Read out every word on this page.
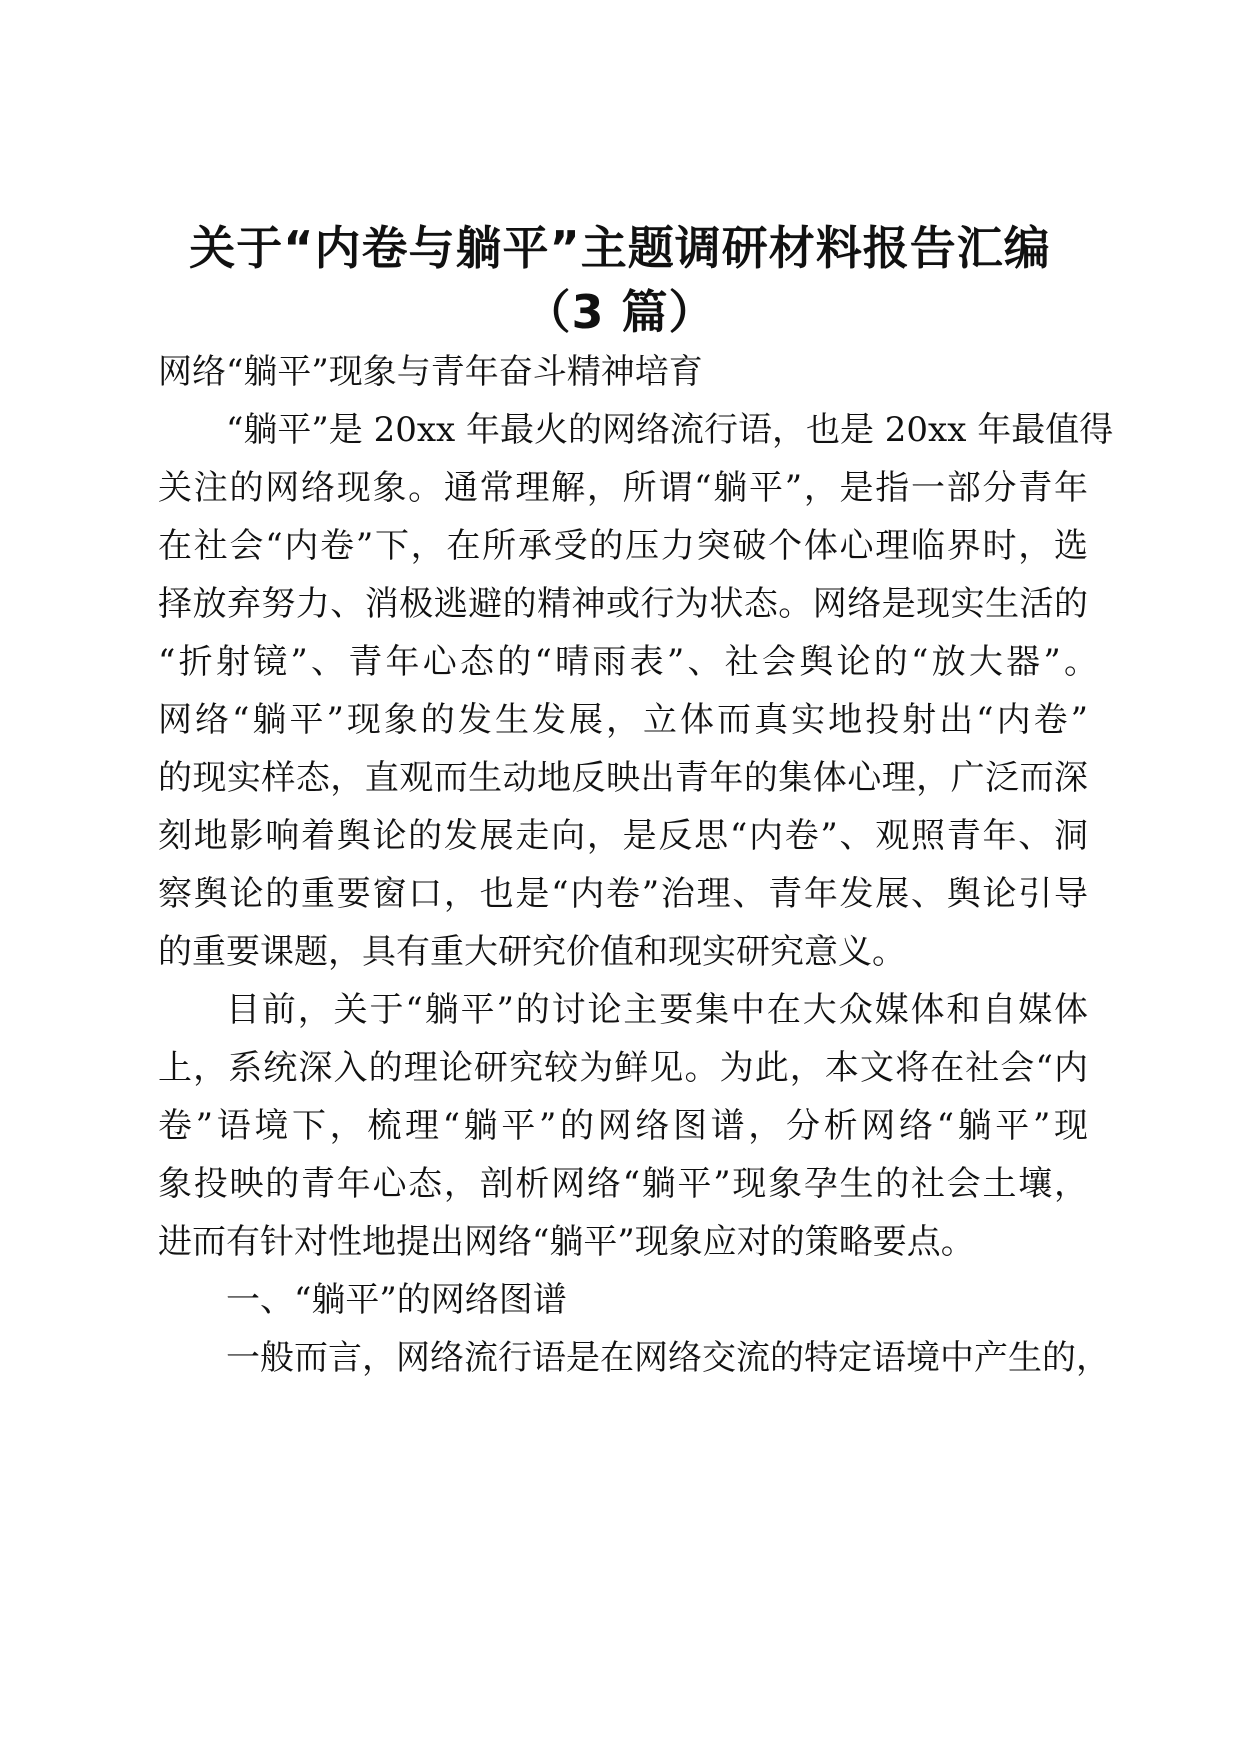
关于“内卷与躺平”主题调研材料报告汇编
（3 篇）
网络“躺平”现象与青年奋斗精神培育
“躺平”是 20xx 年最火的网络流行语，也是 20xx 年最值得
关注的网络现象。通常理解，所谓“躺平”，是指一部分青年
在社会“内卷”下，在所承受的压力突破个体心理临界时，选
择放弃努力、消极逃避的精神或行为状态。网络是现实生活的
“折射镜”、青年心态的“晴雨表”、社会舆论的“放大器”。
网络“躺平”现象的发生发展，立体而真实地投射出“内卷”
的现实样态，直观而生动地反映出青年的集体心理，广泛而深
刻地影响着舆论的发展走向，是反思“内卷”、观照青年、洞
察舆论的重要窗口，也是“内卷”治理、青年发展、舆论引导
的重要课题，具有重大研究价值和现实研究意义。
目前，关于“躺平”的讨论主要集中在大众媒体和自媒体
上，系统深入的理论研究较为鲜见。为此，本文将在社会“内
卷”语境下，梳理“躺平”的网络图谱，分析网络“躺平”现
象投映的青年心态，剖析网络“躺平”现象孕生的社会土壤，
进而有针对性地提出网络“躺平”现象应对的策略要点。
一、“躺平”的网络图谱
一般而言，网络流行语是在网络交流的特定语境中产生的，
